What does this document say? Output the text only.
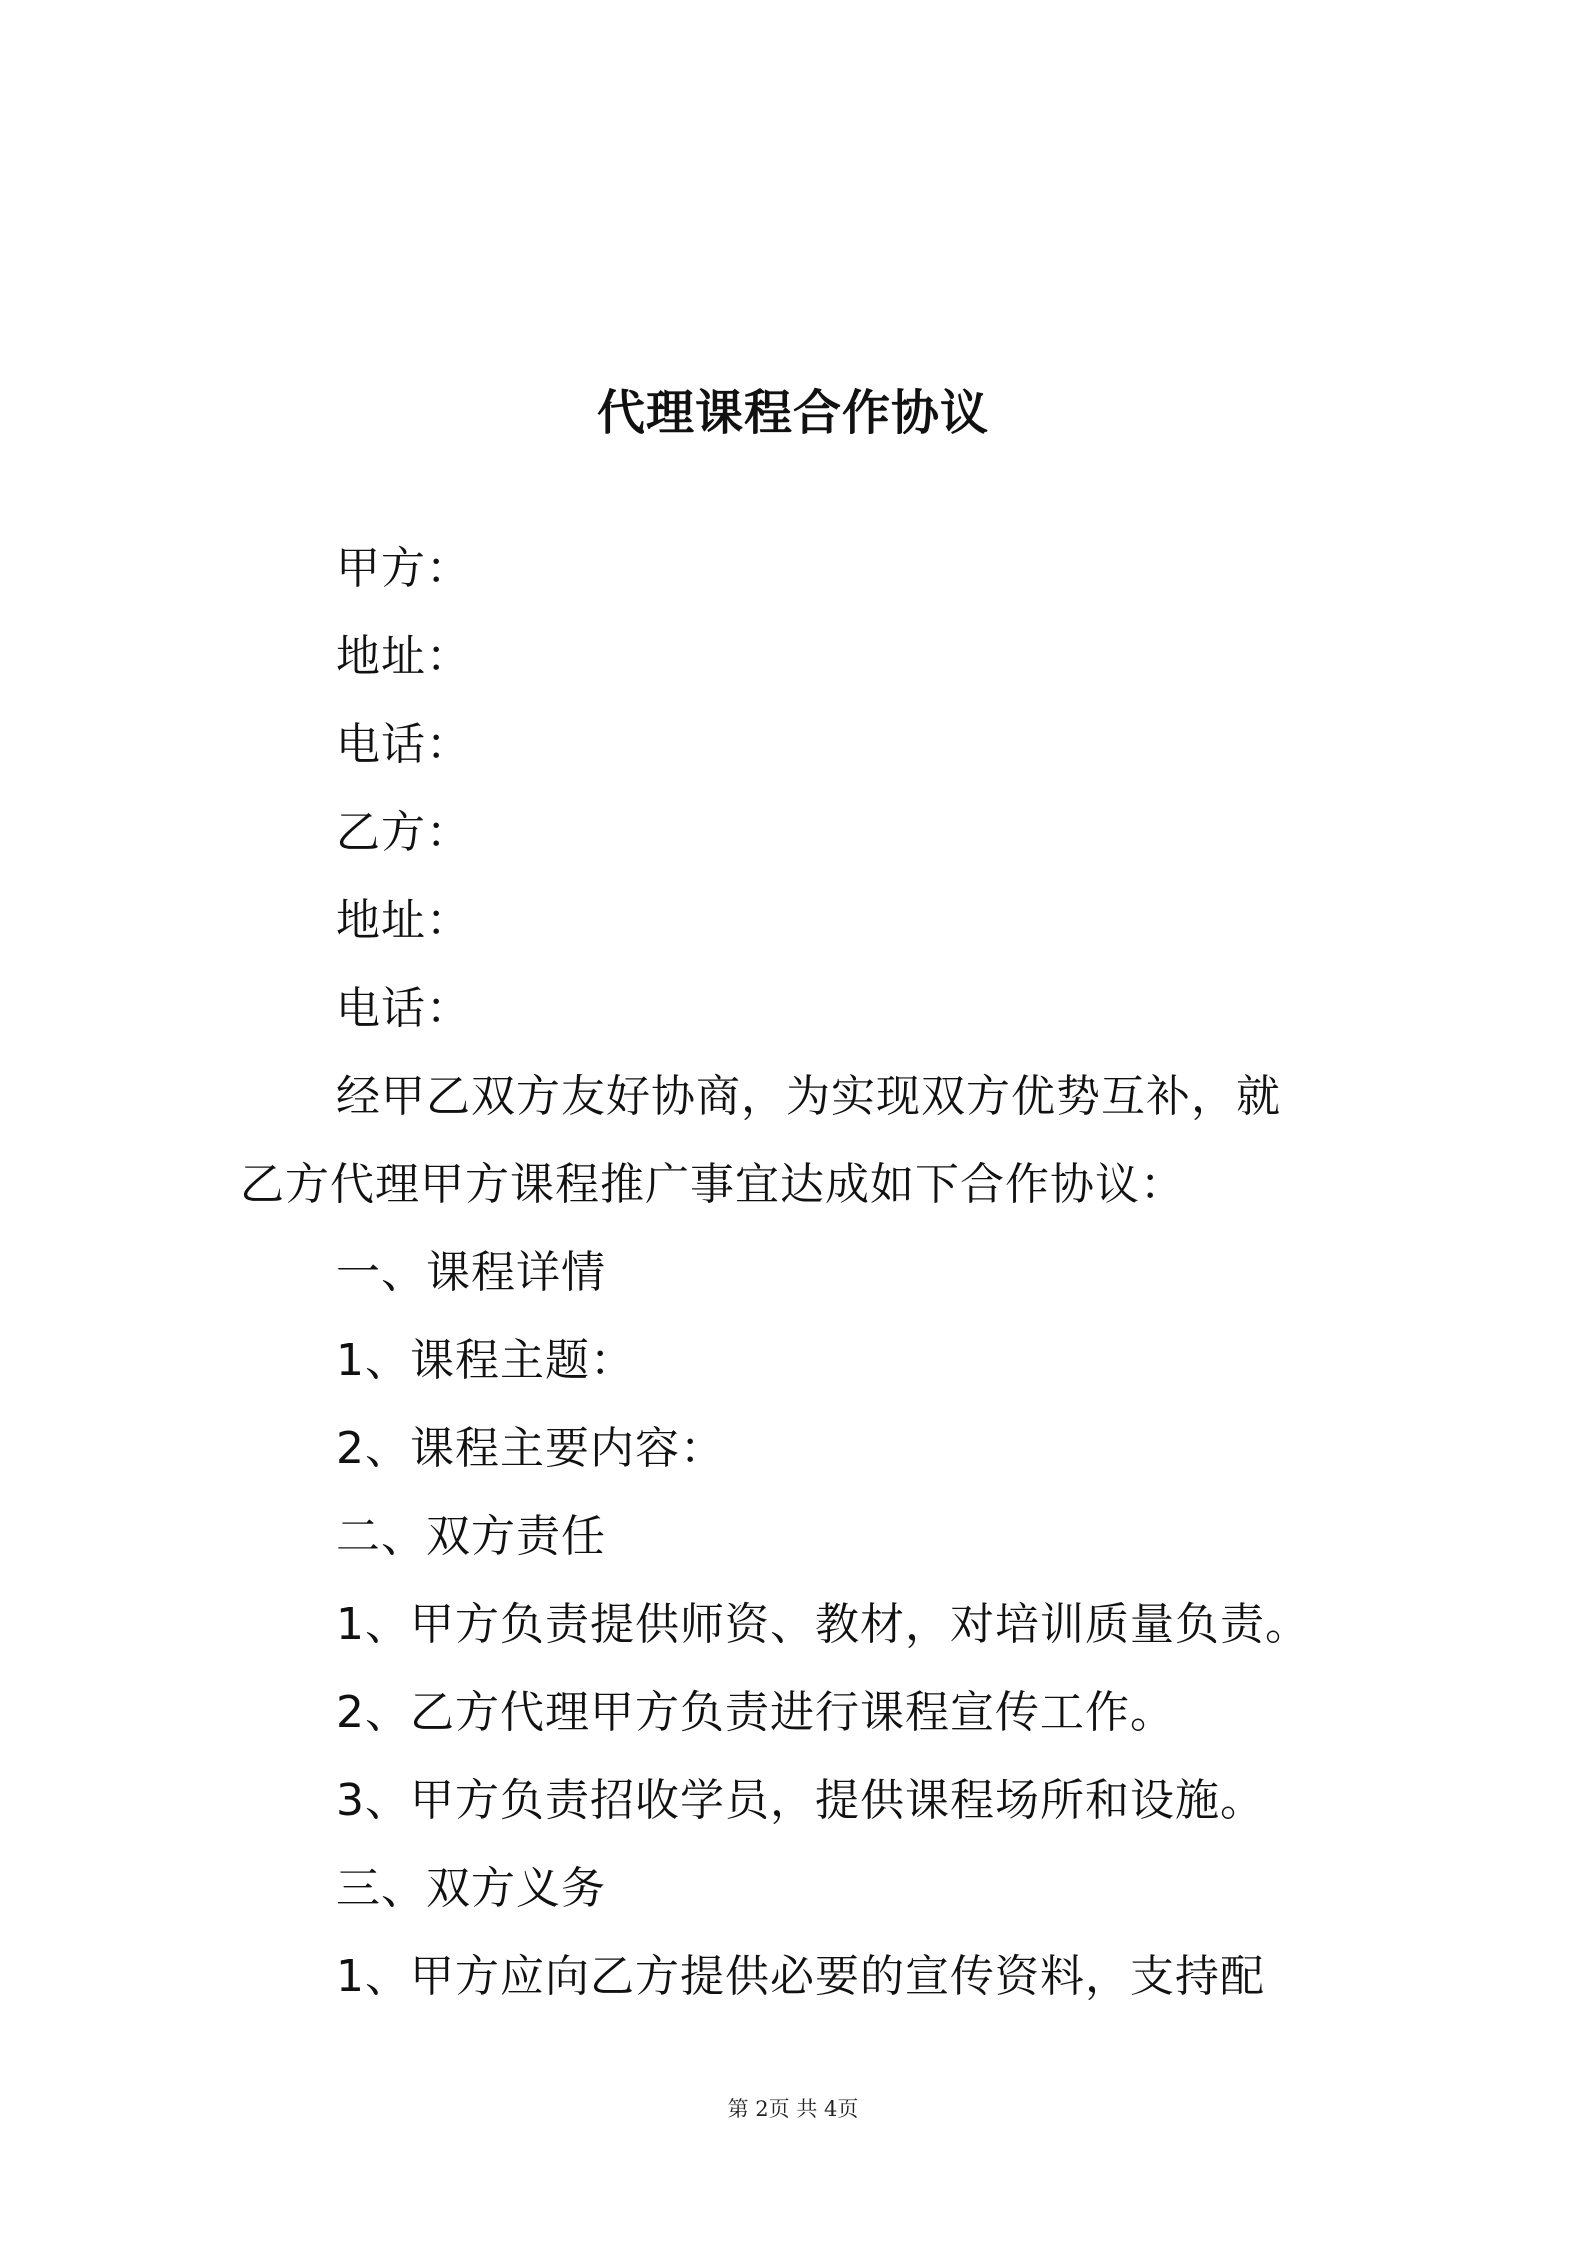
代理课程合作协议
甲方：
地址：
电话：
乙方：
地址：
电话：
经甲乙双方友好协商，为实现双方优势互补，就
乙方代理甲方课程推广事宜达成如下合作协议：
一、课程详情
1、课程主题：
2、课程主要内容：
二、双方责任
1、甲方负责提供师资、教材，对培训质量负责。
2、乙方代理甲方负责进行课程宣传工作。
3、甲方负责招收学员，提供课程场所和设施。
三、双方义务
1、甲方应向乙方提供必要的宣传资料，支持配
第 2页 共 4页
